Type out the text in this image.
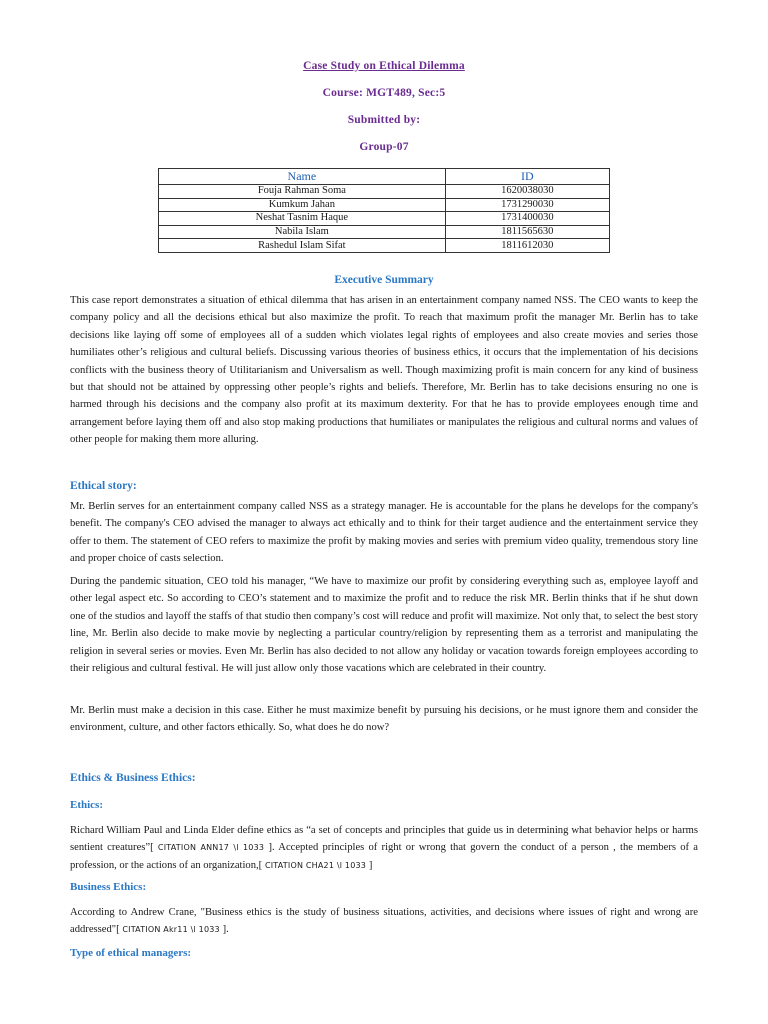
Case Study on Ethical Dilemma
Course: MGT489, Sec:5
Submitted by:
Group-07
Name	ID
Fouja Rahman Soma	1620038030
Kumkum Jahan	1731290030
Neshat Tasnim Haque	1731400030
Nabila Islam	1811565630
Rashedul Islam Sifat	1811612030
Executive Summary
This case report demonstrates a situation of ethical dilemma that has arisen in an entertainment company named NSS. The CEO wants to keep the company policy and all the decisions ethical but also maximize the profit. To reach that maximum profit the manager Mr. Berlin has to take decisions like laying off some of employees all of a sudden which violates legal rights of employees and also create movies and series those humiliates other’s religious and cultural beliefs. Discussing various theories of business ethics, it occurs that the implementation of his decisions conflicts with the business theory of Utilitarianism and Universalism as well. Though maximizing profit is main concern for any kind of business but that should not be attained by oppressing other people’s rights and beliefs. Therefore, Mr. Berlin has to take decisions ensuring no one is harmed through his decisions and the company also profit at its maximum dexterity. For that he has to provide employees enough time and arrangement before laying them off and also stop making productions that humiliates or manipulates the religious and cultural norms and values of other people for making them more alluring.
Ethical story:
Mr. Berlin serves for an entertainment company called NSS as a strategy manager. He is accountable for the plans he develops for the company's benefit. The company's CEO advised the manager to always act ethically and to think for their target audience and the entertainment service they offer to them. The statement of CEO refers to maximize the profit by making movies and series with premium video quality, tremendous story line and proper choice of casts selection.
During the pandemic situation, CEO told his manager, “We have to maximize our profit by considering everything such as, employee layoff and other legal aspect etc. So according to CEO’s statement and to maximize the profit and to reduce the risk MR. Berlin thinks that if he shut down one of the studios and layoff the staffs of that studio then company’s cost will reduce and profit will maximize. Not only that, to select the best story line, Mr. Berlin also decide to make movie by neglecting a particular country/religion by representing them as a terrorist and manipulating the religion in several series or movies. Even Mr. Berlin has also decided to not allow any holiday or vacation towards foreign employees according to their religious and cultural festival. He will just allow only those vacations which are celebrated in their country.
Mr. Berlin must make a decision in this case. Either he must maximize benefit by pursuing his decisions, or he must ignore them and consider the environment, culture, and other factors ethically. So, what does he do now?
Ethics & Business Ethics:
Ethics:
Richard William Paul and Linda Elder define ethics as “a set of concepts and principles that guide us in determining what behavior helps or harms sentient creatures”[ CITATION ANN17 \l 1033 ]. Accepted principles of right or wrong that govern the conduct of a person , the members of a profession, or the actions of an organization,[ CITATION CHA21 \l 1033 ]
Business Ethics:
According to Andrew Crane, "Business ethics is the study of business situations, activities, and decisions where issues of right and wrong are addressed"[ CITATION Akr11 \l 1033 ].
Type of ethical managers:
